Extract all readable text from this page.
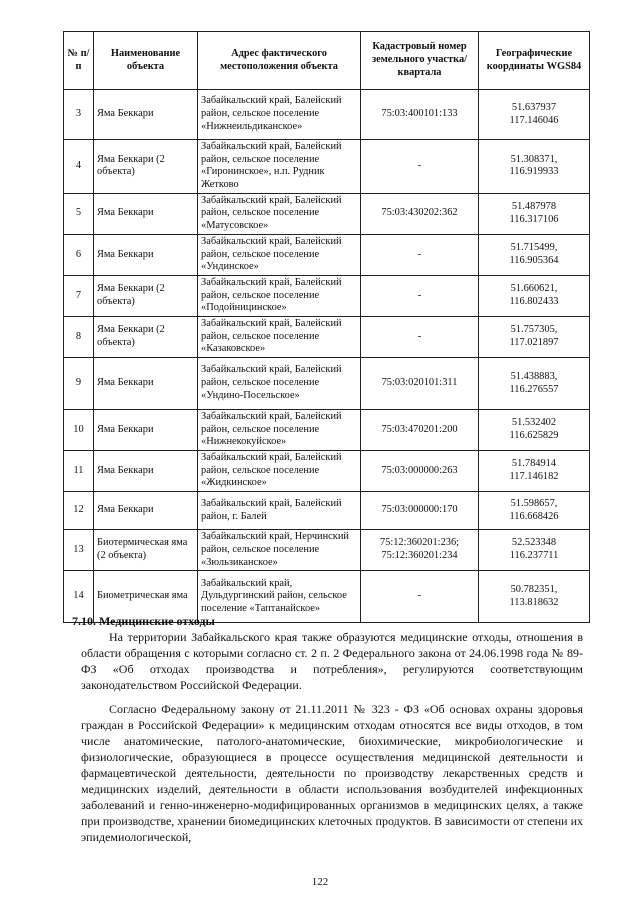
№ п/п	Наименование объекта	Адрес фактического местоположения объекта	Кадастровый номер земельного участка/квартала	Географические координаты WGS84
3	Яма Беккари	Забайкальский край, Балейский район, сельское поселение «Нижнеильдиканское»	75:03:400101:133	51.637937
117.146046

4	Яма Беккари (2 объекта)	Забайкальский край, Балейский район, сельское поселение «Гиронинское», н.п. Рудник Жетково	-	51.308371,
116.919933

5	Яма Беккари	Забайкальский край, Балейский район, сельское поселение «Матусовское»	75:03:430202:362	51.487978
116.317106

6	Яма Беккари	Забайкальский край, Балейский район, сельское поселение «Ундинское»	-	51.715499,
116.905364

7	Яма Беккари (2 объекта)	Забайкальский край, Балейский район, сельское поселение «Подойницинское»	-	51.660621,
116.802433

8	Яма Беккари (2 объекта)	Забайкальский край, Балейский район, сельское поселение «Казаковское»	-	51.757305,
117.021897

9	Яма Беккари	Забайкальский край, Балейский район, сельское поселение «Ундино-Посельское»	75:03:020101:311	51.438883,
116.276557

10	Яма Беккари	Забайкальский край, Балейский район, сельское поселение «Нижнекокуйское»	75:03:470201:200	51.532402
116.625829

11	Яма Беккари	Забайкальский край, Балейский район, сельское поселение «Жидкинское»	75:03:000000:263	51.784914
117.146182

12	Яма Беккари	Забайкальский край, Балейский район, г. Балей	75:03:000000:170	51.598657,
116.668426

13	Биотермическая яма (2 объекта)	Забайкальский край, Нерчинский район, сельское поселение «Зюльзиканское»	75:12:360201:236; 75:12:360201:234	52.523348
116.237711

14	Биометрическая яма	Забайкальский край, Дульдургинский район, сельское поселение «Таптанайское»	-	50.782351,
113.818632
7.10. Медицинские отходы

На территории Забайкальского края также образуются медицинские отходы, отношения в области обращения с которыми согласно ст. 2 п. 2 Федерального закона от 24.06.1998 года № 89-ФЗ «Об отходах производства и потребления», регулируются соответствующим законодательством Российской Федерации.

Согласно Федеральному закону от 21.11.2011 № 323 - ФЗ «Об основах охраны здоровья граждан в Российской Федерации» к медицинским отходам относятся все виды отходов, в том числе анатомические, патолого-анатомические, биохимические, микробиологические и физиологические, образующиеся в процессе осуществления медицинской деятельности и фармацевтической деятельности, деятельности по производству лекарственных средств и медицинских изделий, деятельности в области использования возбудителей инфекционных заболеваний и генно-инженерно-модифицированных организмов в медицинских целях, а также при производстве, хранении биомедицинских клеточных продуктов. В зависимости от степени их эпидемиологической,

122
